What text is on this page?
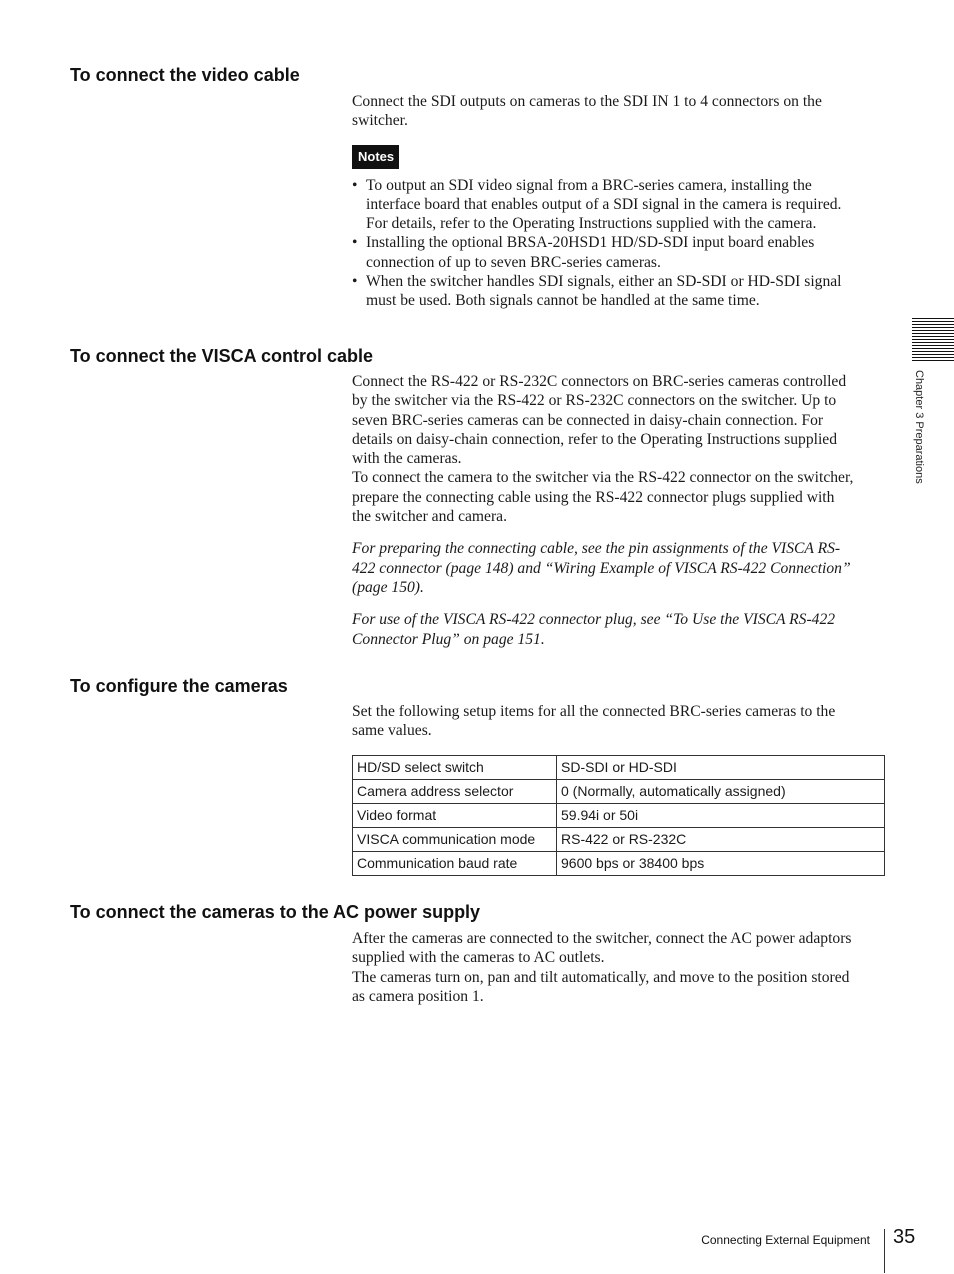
To connect the video cable

Connect the SDI outputs on cameras to the SDI IN 1 to 4 connectors on the
switcher.

Notes
• To output an SDI video signal from a BRC-series camera, installing the
interface board that enables output of a SDI signal in the camera is required.
For details, refer to the Operating Instructions supplied with the camera.
• Installing the optional BRSA-20HSD1 HD/SD-SDI input board enables
connection of up to seven BRC-series cameras.
• When the switcher handles SDI signals, either an SD-SDI or HD-SDI signal
must be used. Both signals cannot be handled at the same time.
To connect the VISCA control cable

Connect the RS-422 or RS-232C connectors on BRC-series cameras controlled
by the switcher via the RS-422 or RS-232C connectors on the switcher. Up to
seven BRC-series cameras can be connected in daisy-chain connection. For
details on daisy-chain connection, refer to the Operating Instructions supplied
with the cameras.
To connect the camera to the switcher via the RS-422 connector on the switcher,
prepare the connecting cable using the RS-422 connector plugs supplied with
the switcher and camera.

For preparing the connecting cable, see the pin assignments of the VISCA RS-
422 connector (page 148) and “Wiring Example of VISCA RS-422 Connection”
(page 150).

For use of the VISCA RS-422 connector plug, see “To Use the VISCA RS-422
Connector Plug” on page 151.

To configure the cameras

Set the following setup items for all the connected BRC-series cameras to the
same values.

HD/SD select switch	SD-SDI or HD-SDI
Camera address selector	0 (Normally, automatically assigned)
Video format	59.94i or 50i
VISCA communication mode	RS-422 or RS-232C
Communication baud rate	9600 bps or 38400 bps
To connect the cameras to the AC power supply

After the cameras are connected to the switcher, connect the AC power adaptors
supplied with the cameras to AC outlets.
The cameras turn on, pan and tilt automatically, and move to the position stored
as camera position 1.

Chapter 3 Preparations
Connecting External Equipment 35
